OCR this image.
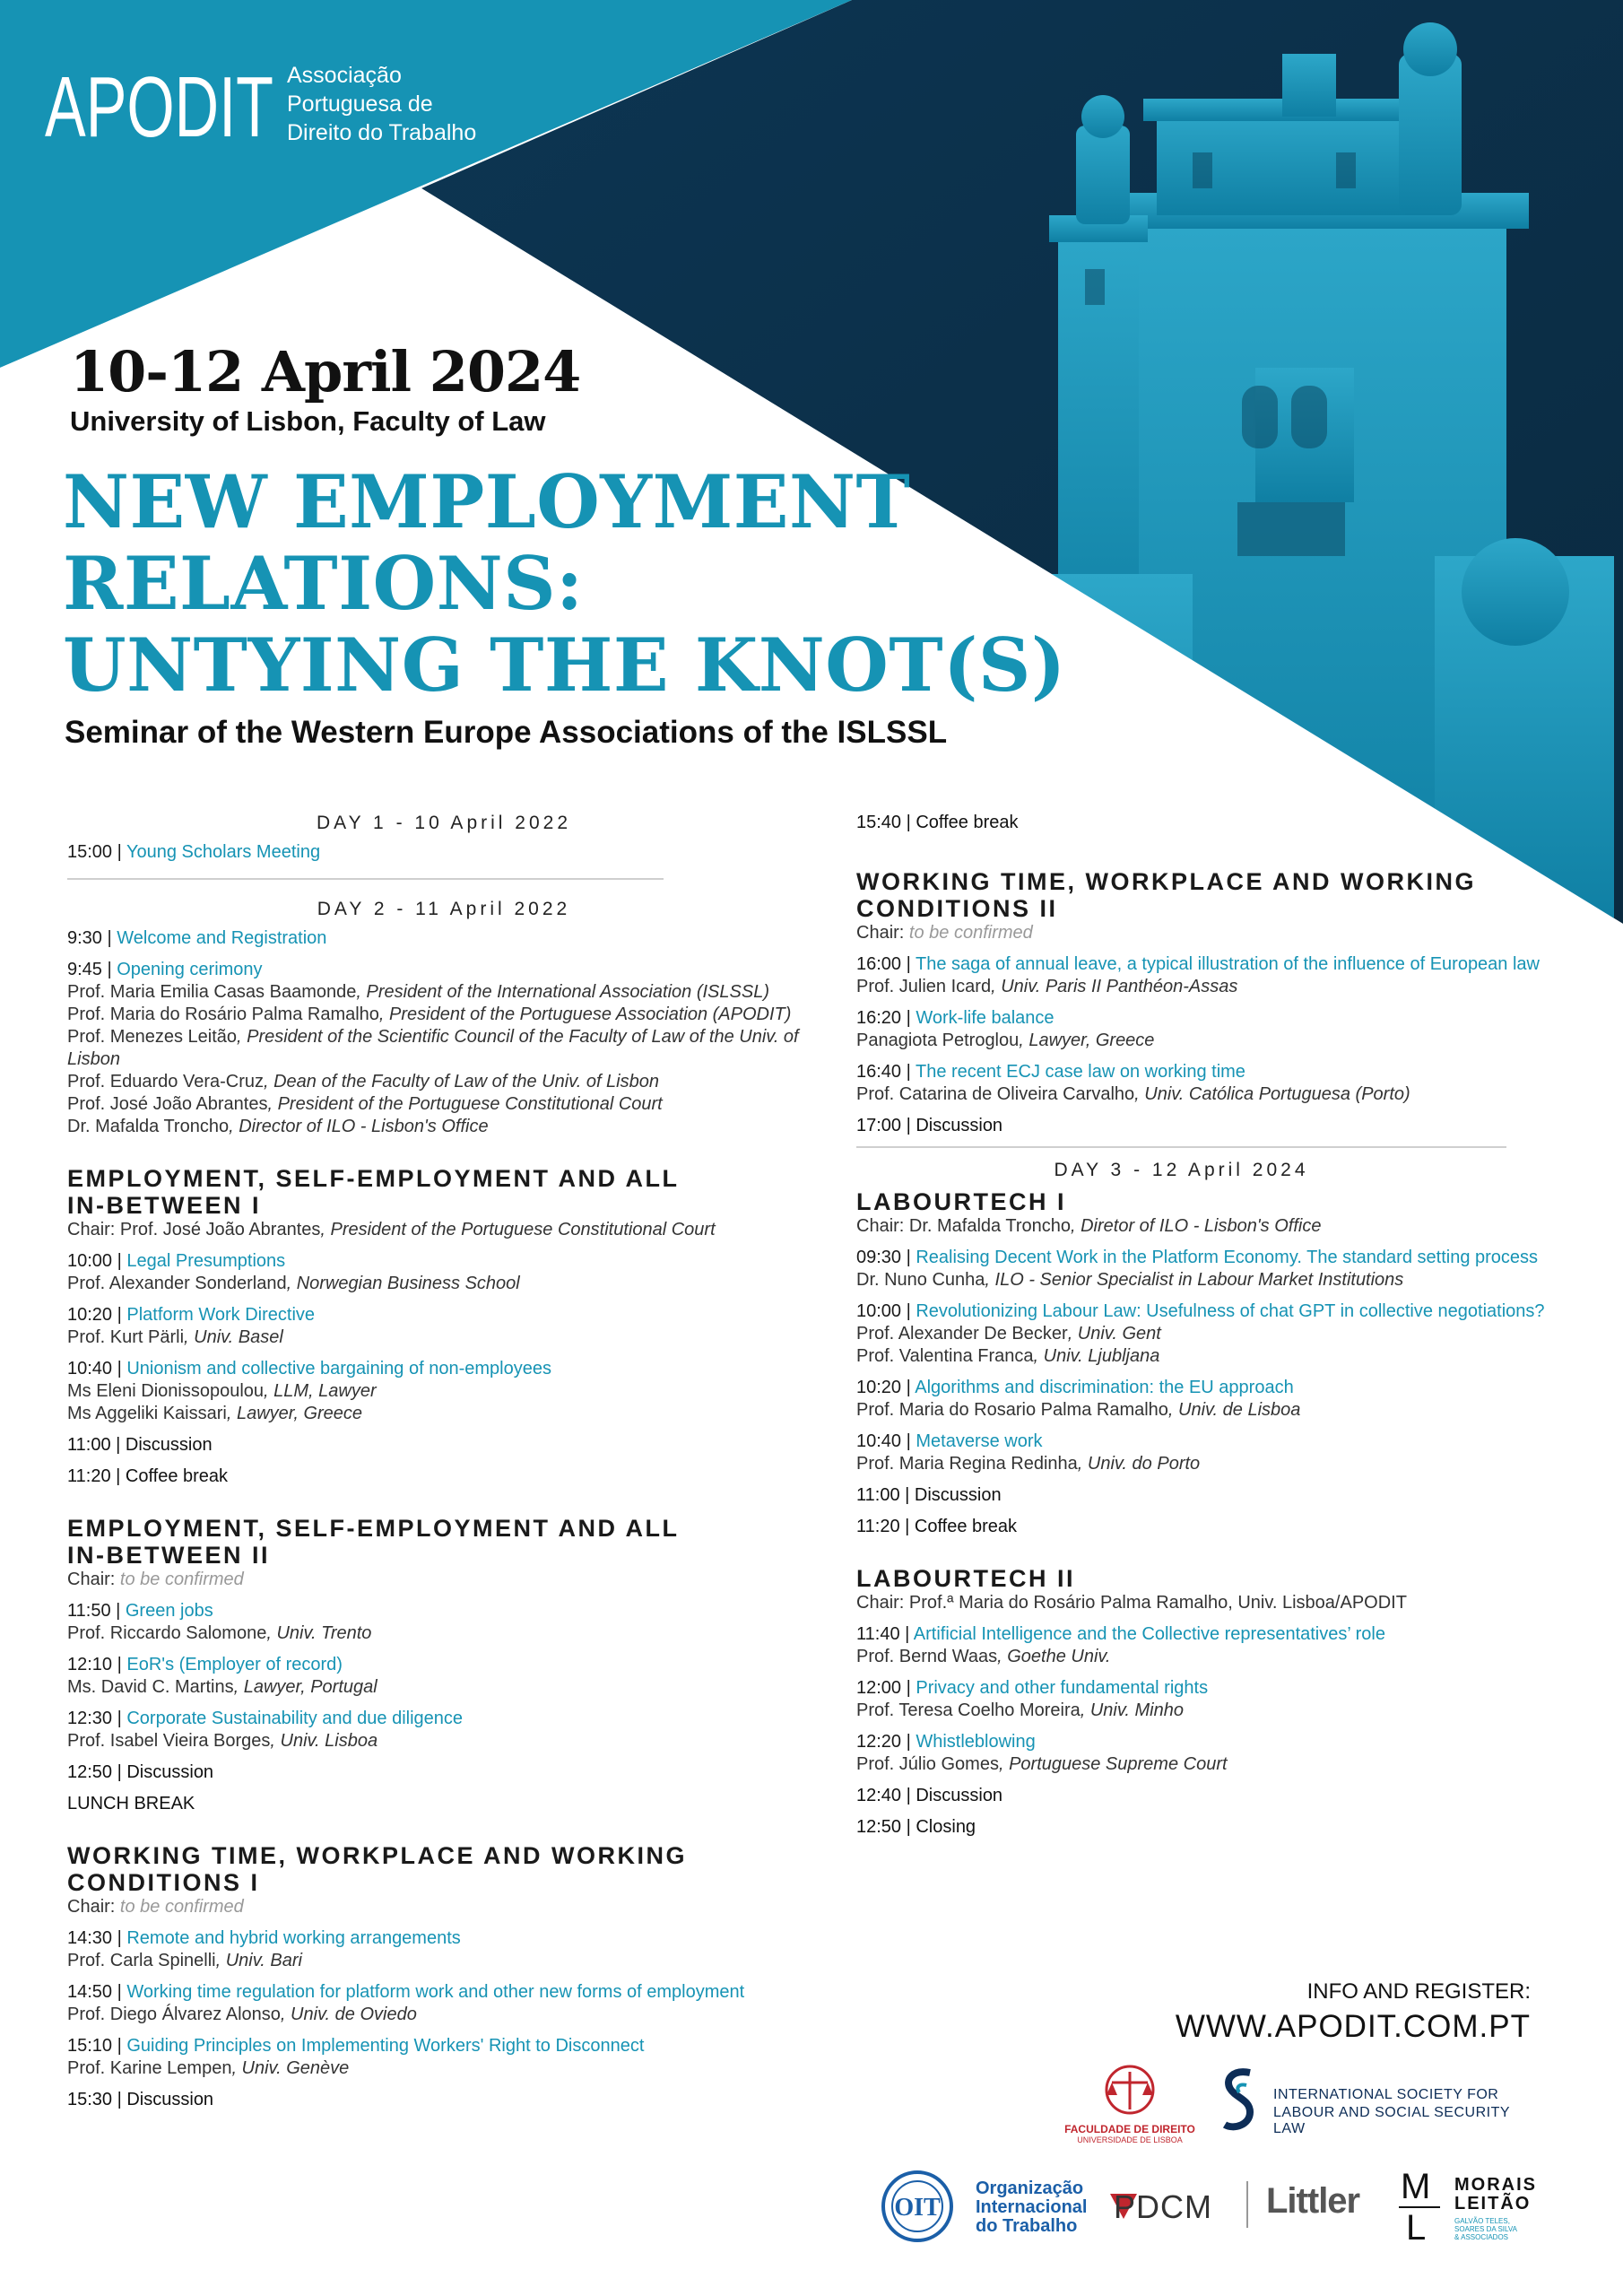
APODIT Associação
Portuguesa de
Direito do Trabalho
10-12 April 2024
University of Lisbon, Faculty of Law
NEW EMPLOYMENT
RELATIONS:
UNTYING THE KNOT(S)
Seminar of the Western Europe Associations of the ISLSSL
DAY 1 - 10 April 2022
15:00 | Young Scholars Meeting
DAY 2 - 11 April 2022
9:30 | Welcome and Registration
9:45 | Opening cerimony
Prof. Maria Emilia Casas Baamonde, President of the International Association (ISLSSL)
Prof. Maria do Rosário Palma Ramalho, President of the Portuguese Association (APODIT)
Prof. Menezes Leitão, President of the Scientific Council of the Faculty of Law of the Univ. of Lisbon
Prof. Eduardo Vera-Cruz, Dean of the Faculty of Law of the Univ. of Lisbon
Prof. José João Abrantes, President of the Portuguese Constitutional Court
Dr. Mafalda Troncho, Director of ILO - Lisbon's Office
EMPLOYMENT, SELF-EMPLOYMENT AND ALL
IN-BETWEEN I
Chair: Prof. José João Abrantes, President of the Portuguese Constitutional Court
10:00 | Legal Presumptions
Prof. Alexander Sonderland, Norwegian Business School
10:20 | Platform Work Directive
Prof. Kurt Pärli, Univ. Basel
10:40 | Unionism and collective bargaining of non-employees
Ms Eleni Dionissopoulou, LLM, Lawyer
Ms Aggeliki Kaissari, Lawyer, Greece
11:00 | Discussion
11:20 | Coffee break
EMPLOYMENT, SELF-EMPLOYMENT AND ALL
IN-BETWEEN II
Chair: to be confirmed
11:50 | Green jobs
Prof. Riccardo Salomone, Univ. Trento
12:10 | EoR's (Employer of record)
Ms. David C. Martins, Lawyer, Portugal
12:30 | Corporate Sustainability and due diligence
Prof. Isabel Vieira Borges, Univ. Lisboa
12:50 | Discussion
LUNCH BREAK
WORKING TIME, WORKPLACE AND WORKING
CONDITIONS I
Chair: to be confirmed
14:30 | Remote and hybrid working arrangements
Prof. Carla Spinelli, Univ. Bari
14:50 | Working time regulation for platform work and other new forms of employment
Prof. Diego Álvarez Alonso, Univ. de Oviedo
15:10 | Guiding Principles on Implementing Workers' Right to Disconnect
Prof. Karine Lempen, Univ. Genève
15:30 | Discussion
15:40 | Coffee break
WORKING TIME, WORKPLACE AND WORKING
CONDITIONS II
Chair: to be confirmed
16:00 | The saga of annual leave, a typical illustration of the influence of European law
Prof. Julien Icard, Univ. Paris II Panthéon-Assas
16:20 | Work-life balance
Panagiota Petroglou, Lawyer, Greece
16:40 | The recent ECJ case law on working time
Prof. Catarina de Oliveira Carvalho, Univ. Católica Portuguesa (Porto)
17:00 | Discussion
DAY 3 - 12 April 2024
LABOURTECH I
Chair: Dr. Mafalda Troncho, Diretor of ILO - Lisbon's Office
09:30 | Realising Decent Work in the Platform Economy. The standard setting process
Dr. Nuno Cunha, ILO - Senior Specialist in Labour Market Institutions
10:00 | Revolutionizing Labour Law: Usefulness of chat GPT in collective negotiations?
Prof. Alexander De Becker, Univ. Gent
Prof. Valentina Franca, Univ. Ljubljana
10:20 | Algorithms and discrimination: the EU approach
Prof. Maria do Rosario Palma Ramalho, Univ. de Lisboa
10:40 | Metaverse work
Prof. Maria Regina Redinha, Univ. do Porto
11:00 | Discussion
11:20 | Coffee break
LABOURTECH II
Chair: Prof.ª Maria do Rosário Palma Ramalho, Univ. Lisboa/APODIT
11:40 | Artificial Intelligence and the Collective representatives’ role
Prof. Bernd Waas, Goethe Univ.
12:00 | Privacy and other fundamental rights
Prof. Teresa Coelho Moreira, Univ. Minho
12:20 | Whistleblowing
Prof. Júlio Gomes, Portuguese Supreme Court
12:40 | Discussion
12:50 | Closing
INFO AND REGISTER:
WWW.APODIT.COM.PT
FACULDADE DE DIREITO
UNIVERSIDADE DE LISBOA
INTERNATIONAL SOCIETY FOR
LABOUR AND SOCIAL SECURITY LAW
OIT
Organização
Internacional
do Trabalho
PDCM Littler M
L
MORAIS
LEITÃO
GALVÃO TELES,
SOARES DA SILVA
& ASSOCIADOS
